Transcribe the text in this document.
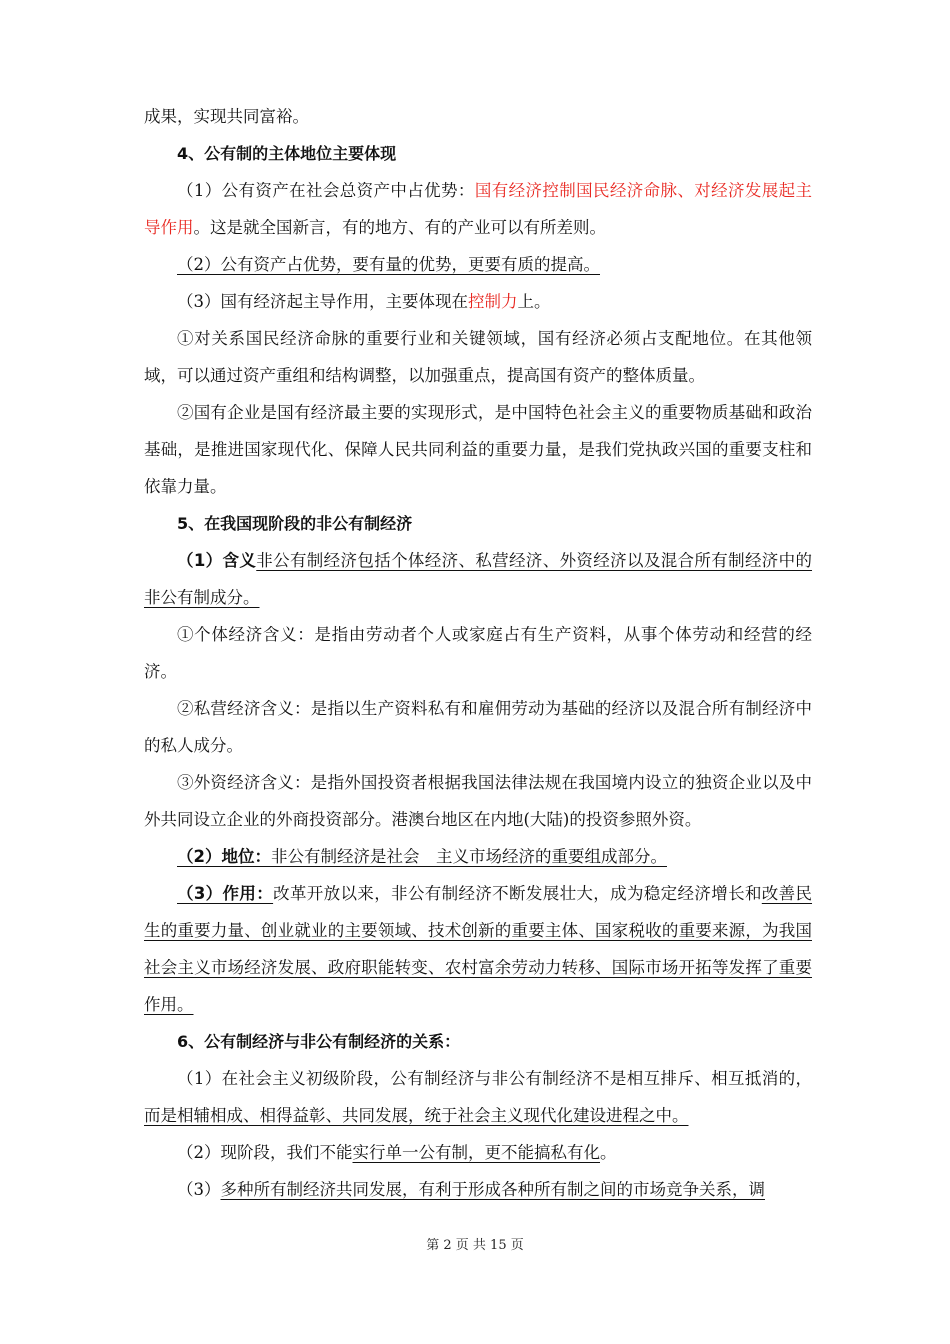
成果，实现共同富裕。

4、公有制的主体地位主要体现

（1）公有资产在社会总资产中占优势：国有经济控制国民经济命脉、对经济发展起主导作用。这是就全国新言，有的地方、有的产业可以有所差则。

（2）公有资产占优势，要有量的优势，更要有质的提高。

（3）国有经济起主导作用，主要体现在控制力上。

①对关系国民经济命脉的重要行业和关键领域，国有经济必须占支配地位。在其他领域，可以通过资产重组和结构调整，以加强重点，提高国有资产的整体质量。

②国有企业是国有经济最主要的实现形式，是中国特色社会主义的重要物质基础和政治基础，是推进国家现代化、保障人民共同利益的重要力量，是我们党执政兴国的重要支柱和依靠力量。

5、在我国现阶段的非公有制经济

（1）含义非公有制经济包括个体经济、私营经济、外资经济以及混合所有制经济中的非公有制成分。

①个体经济含义：是指由劳动者个人或家庭占有生产资料，从事个体劳动和经营的经济。

②私营经济含义：是指以生产资料私有和雇佣劳动为基础的经济以及混合所有制经济中的私人成分。

③外资经济含义：是指外国投资者根据我国法律法规在我国境内设立的独资企业以及中外共同设立企业的外商投资部分。港澳台地区在内地(大陆)的投资参照外资。

（2）地位：非公有制经济是社会　主义市场经济的重要组成部分。

（3）作用：改革开放以来，非公有制经济不断发展壮大，成为稳定经济增长和改善民生的重要力量、创业就业的主要领域、技术创新的重要主体、国家税收的重要来源，为我国社会主义市场经济发展、政府职能转变、农村富余劳动力转移、国际市场开拓等发挥了重要作用。

6、公有制经济与非公有制经济的关系：

（1）在社会主义初级阶段，公有制经济与非公有制经济不是相互排斥、相互抵消的，而是相辅相成、相得益彰、共同发展，统于社会主义现代化建设进程之中。

（2）现阶段，我们不能实行单一公有制，更不能搞私有化。

（3）多种所有制经济共同发展，有利于形成各种所有制之间的市场竞争关系，调

第 2 页 共 15 页
